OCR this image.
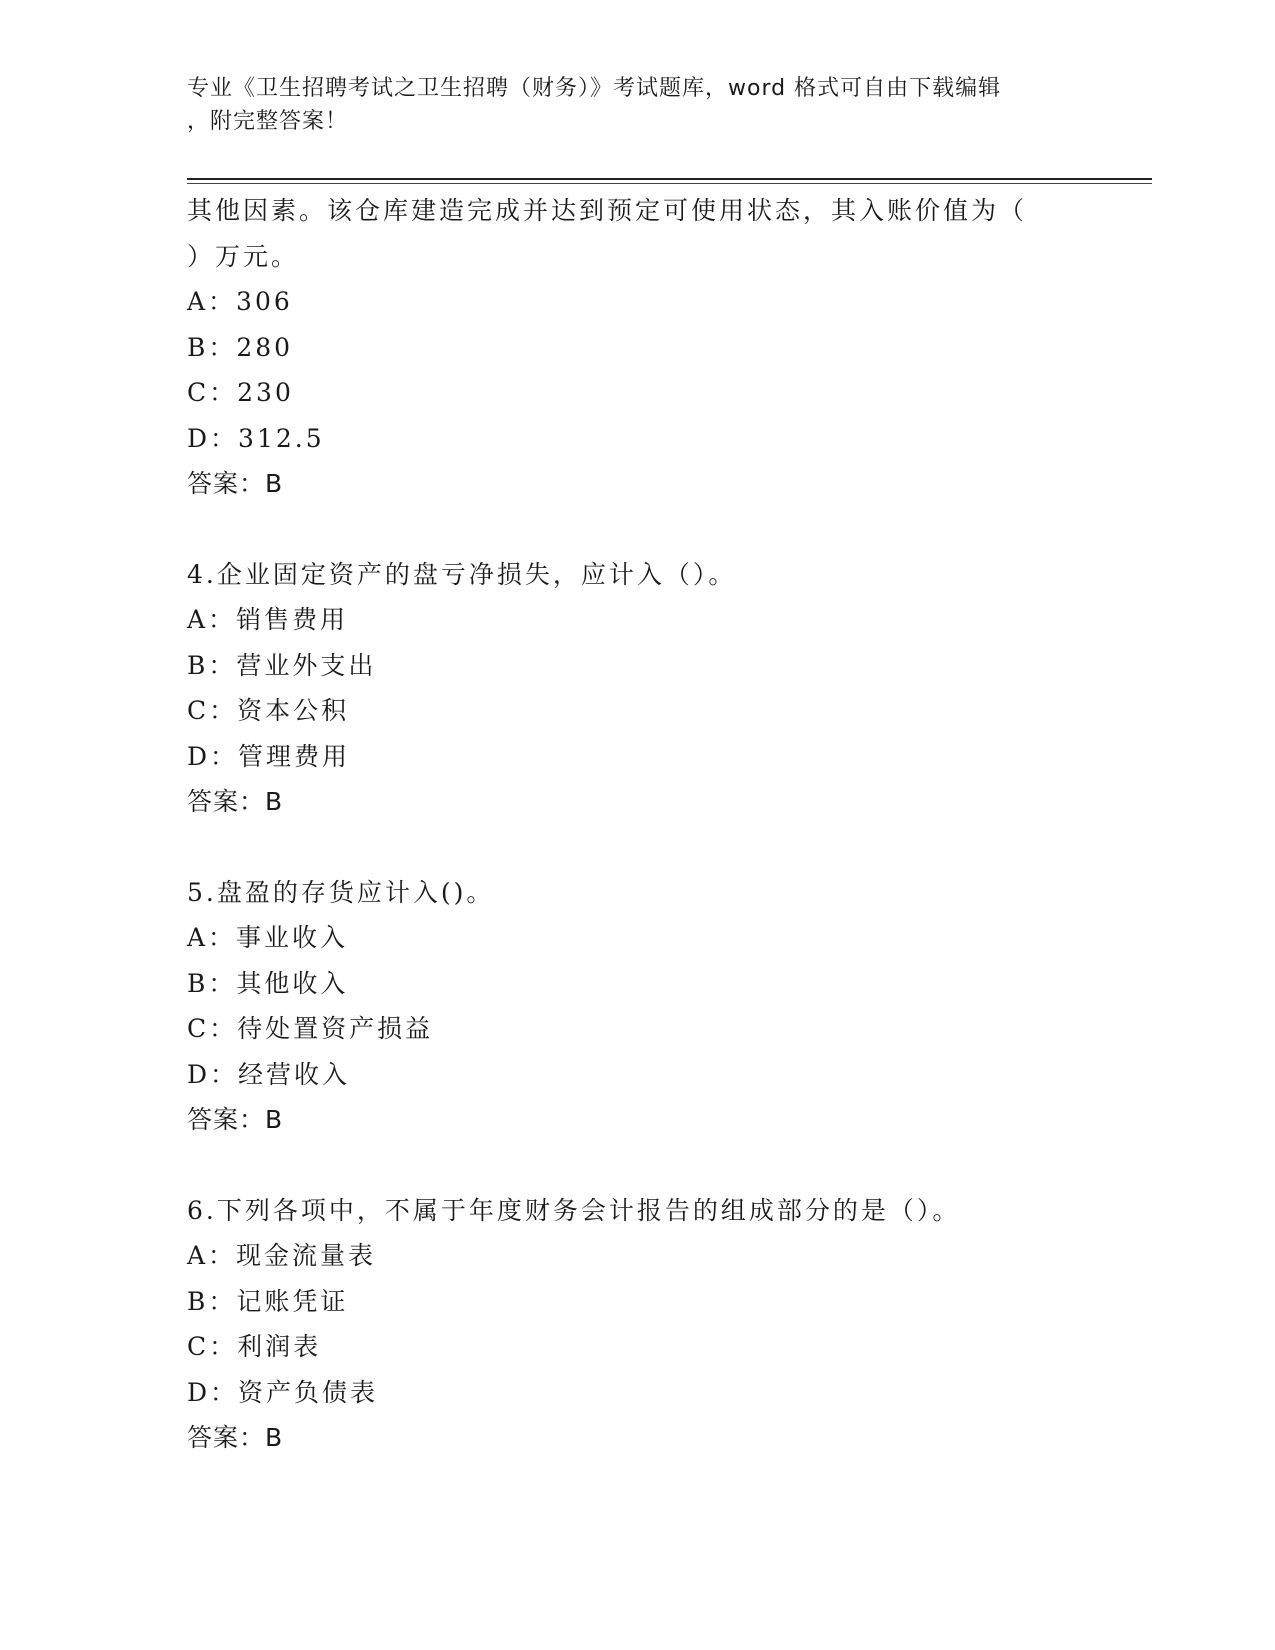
专业《卫生招聘考试之卫生招聘（财务）》考试题库，word 格式可自由下载编辑
，附完整答案！
其他因素。该仓库建造完成并达到预定可使用状态，其入账价值为（
）万元。
A：306
B：280
C：230
D：312.5
答案：B
4.企业固定资产的盘亏净损失，应计入（）。
A：销售费用
B：营业外支出
C：资本公积
D：管理费用
答案：B
5.盘盈的存货应计入()。
A：事业收入
B：其他收入
C：待处置资产损益
D：经营收入
答案：B
6.下列各项中，不属于年度财务会计报告的组成部分的是（）。
A：现金流量表
B：记账凭证
C：利润表
D：资产负债表
答案：B
